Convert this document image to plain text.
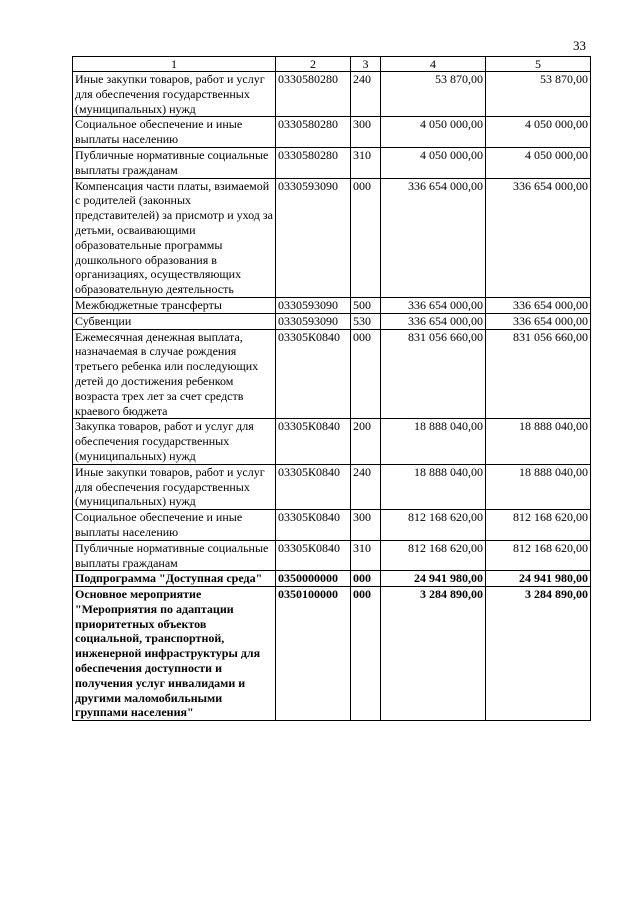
33
1	2	3	4	5
Иные закупки товаров, работ и услуг для обеспечения государственных (муниципальных) нужд	0330580280	240	53 870,00	53 870,00
Социальное обеспечение и иные выплаты населению	0330580280	300	4 050 000,00	4 050 000,00
Публичные нормативные социальные выплаты гражданам	0330580280	310	4 050 000,00	4 050 000,00
Компенсация части платы, взимаемой с родителей (законных представителей) за присмотр и уход за детьми, осваивающими образовательные программы дошкольного образования в организациях, осуществляющих образовательную деятельность	0330593090	000	336 654 000,00	336 654 000,00
Межбюджетные трансферты	0330593090	500	336 654 000,00	336 654 000,00
Субвенции	0330593090	530	336 654 000,00	336 654 000,00
Ежемесячная денежная выплата, назначаемая в случае рождения третьего ребенка или последующих детей до достижения ребенком возраста трех лет за счет средств краевого бюджета	03305К0840	000	831 056 660,00	831 056 660,00
Закупка товаров, работ и услуг для обеспечения государственных (муниципальных) нужд	03305К0840	200	18 888 040,00	18 888 040,00
Иные закупки товаров, работ и услуг для обеспечения государственных (муниципальных) нужд	03305К0840	240	18 888 040,00	18 888 040,00
Социальное обеспечение и иные выплаты населению	03305К0840	300	812 168 620,00	812 168 620,00
Публичные нормативные социальные выплаты гражданам	03305К0840	310	812 168 620,00	812 168 620,00
Подпрограмма "Доступная среда"	0350000000	000	24 941 980,00	24 941 980,00
Основное мероприятие "Мероприятия по адаптации приоритетных объектов социальной, транспортной, инженерной инфраструктуры для обеспечения доступности и получения услуг инвалидами и другими маломобильными группами населения"	0350100000	000	3 284 890,00	3 284 890,00
